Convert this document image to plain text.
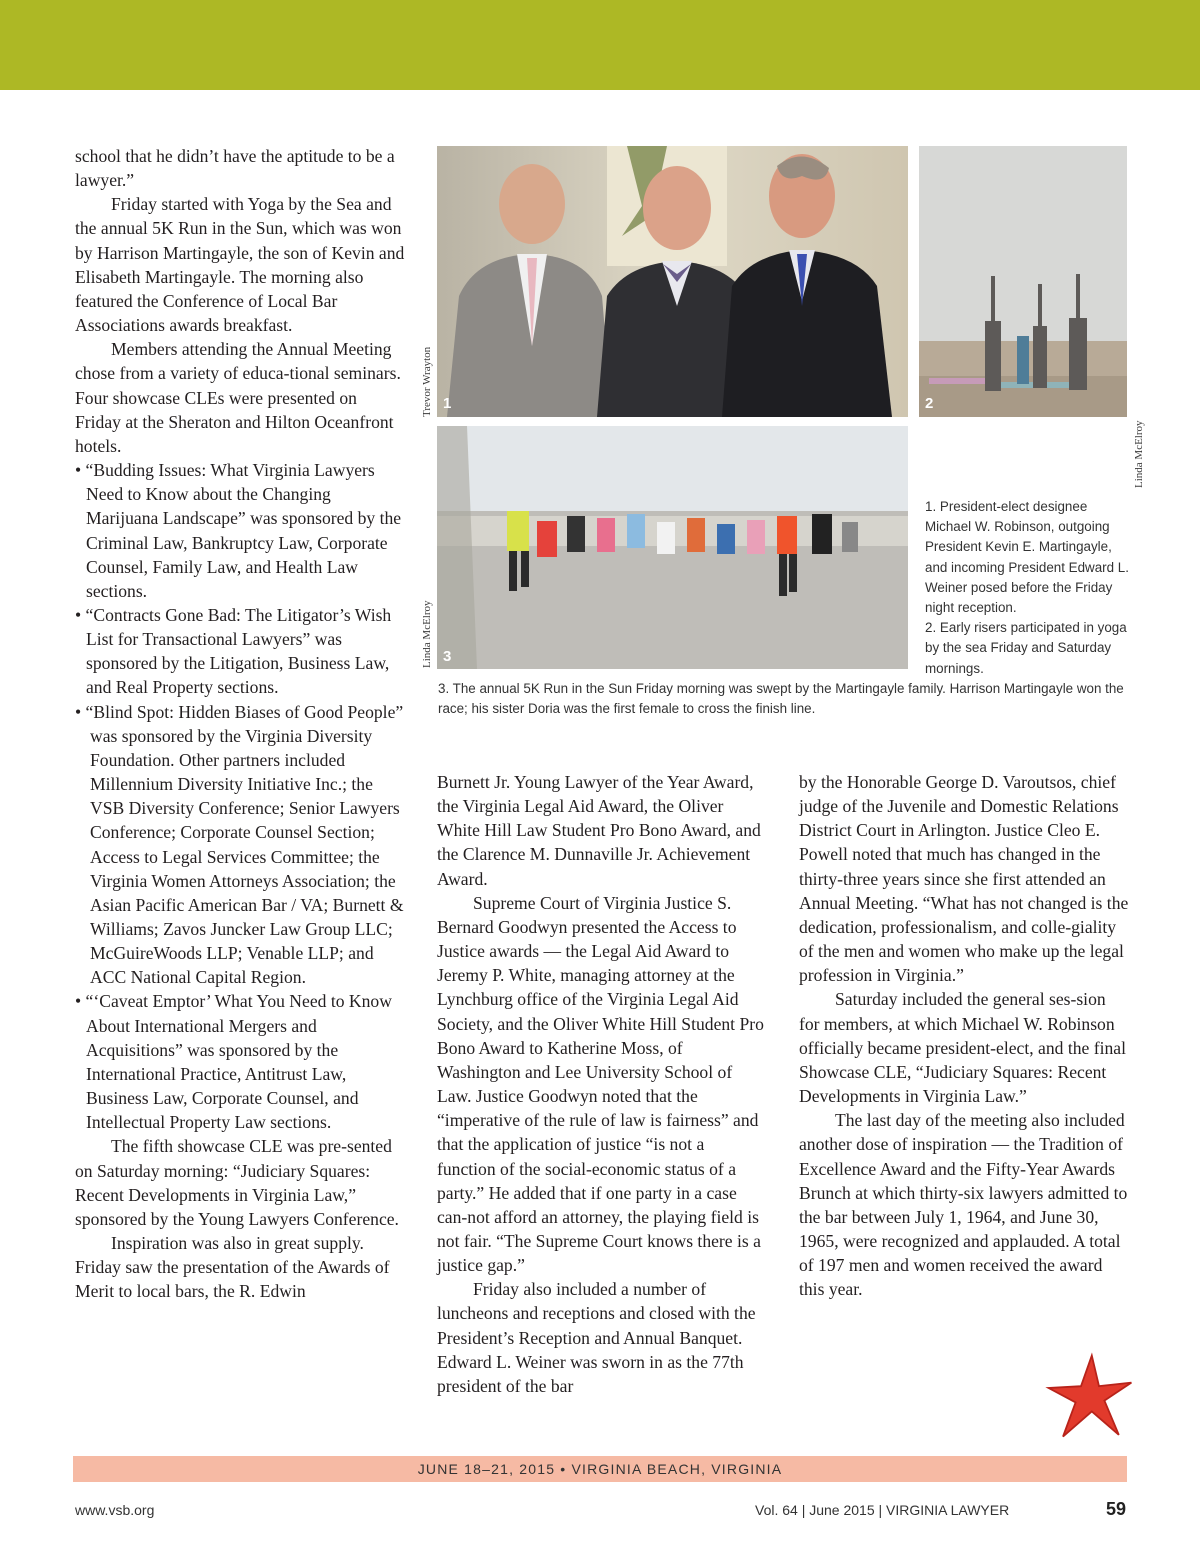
school that he didn’t have the aptitude to be a lawyer.”

Friday started with Yoga by the Sea and the annual 5K Run in the Sun, which was won by Harrison Martingayle, the son of Kevin and Elisabeth Martingayle. The morning also featured the Conference of Local Bar Associations awards breakfast.

Members attending the Annual Meeting chose from a variety of educa-tional seminars. Four showcase CLEs were presented on Friday at the Sheraton and Hilton Oceanfront hotels.

• “Budding Issues: What Virginia Lawyers Need to Know about the Changing Marijuana Landscape” was sponsored by the Criminal Law, Bankruptcy Law, Corporate Counsel, Family Law, and Health Law sections.

• “Contracts Gone Bad: The Litigator’s Wish List for Transactional Lawyers” was sponsored by the Litigation, Business Law, and Real Property sections.

• “Blind Spot: Hidden Biases of Good People” was sponsored by the Virginia Diversity Foundation. Other partners included Millennium Diversity Initiative Inc.; the VSB Diversity Conference; Senior Lawyers Conference; Corporate Counsel Section; Access to Legal Services Committee; the Virginia Women Attorneys Association; the Asian Pacific American Bar / VA; Burnett & Williams; Zavos Juncker Law Group LLC; McGuireWoods LLP; Venable LLP; and ACC National Capital Region.

• “‘Caveat Emptor’ What You Need to Know About International Mergers and Acquisitions” was sponsored by the International Practice, Antitrust Law, Business Law, Corporate Counsel, and Intellectual Property Law sections.

The fifth showcase CLE was pre-sented on Saturday morning: “Judiciary Squares: Recent Developments in Virginia Law,” sponsored by the Young Lawyers Conference.

Inspiration was also in great supply. Friday saw the presentation of the Awards of Merit to local bars, the R. Edwin

1
Trevor Wrayton	2
Linda McElroy
3
Linda McElroy
1. President-elect designee Michael W. Robinson, outgoing President Kevin E. Martingayle, and incoming President Edward L. Weiner posed before the Friday night reception.
2. Early risers participated in yoga by the sea Friday and Saturday mornings.
3. The annual 5K Run in the Sun Friday morning was swept by the Martingayle family. Harrison Martingayle won the race; his sister Doria was the first female to cross the finish line.

Burnett Jr. Young Lawyer of the Year Award, the Virginia Legal Aid Award, the Oliver White Hill Law Student Pro Bono Award, and the Clarence M. Dunnaville Jr. Achievement Award.

Supreme Court of Virginia Justice S. Bernard Goodwyn presented the Access to Justice awards — the Legal Aid Award to Jeremy P. White, managing attorney at the Lynchburg office of the Virginia Legal Aid Society, and the Oliver White Hill Student Pro Bono Award to Katherine Moss, of Washington and Lee University School of Law. Justice Goodwyn noted that the “imperative of the rule of law is fairness” and that the application of justice “is not a function of the social-economic status of a party.” He added that if one party in a case can-not afford an attorney, the playing field is not fair. “The Supreme Court knows there is a justice gap.”

Friday also included a number of luncheons and receptions and closed with the President’s Reception and Annual Banquet. Edward L. Weiner was sworn in as the 77th president of the bar

by the Honorable George D. Varoutsos, chief judge of the Juvenile and Domestic Relations District Court in Arlington. Justice Cleo E. Powell noted that much has changed in the thirty-three years since she first attended an Annual Meeting. “What has not changed is the dedication, professionalism, and colle-giality of the men and women who make up the legal profession in Virginia.”

Saturday included the general ses-sion for members, at which Michael W. Robinson officially became president-elect, and the final Showcase CLE, “Judiciary Squares: Recent Developments in Virginia Law.”

The last day of the meeting also included another dose of inspiration — the Tradition of Excellence Award and the Fifty-Year Awards Brunch at which thirty-six lawyers admitted to the bar between July 1, 1964, and June 30, 1965, were recognized and applauded. A total of 197 men and women received the award this year.

JUNE 18–21, 2015 • VIRGINIA BEACH, VIRGINIA
www.vsb.org	Vol. 64 | June 2015 | VIRGINIA LAWYER	59
